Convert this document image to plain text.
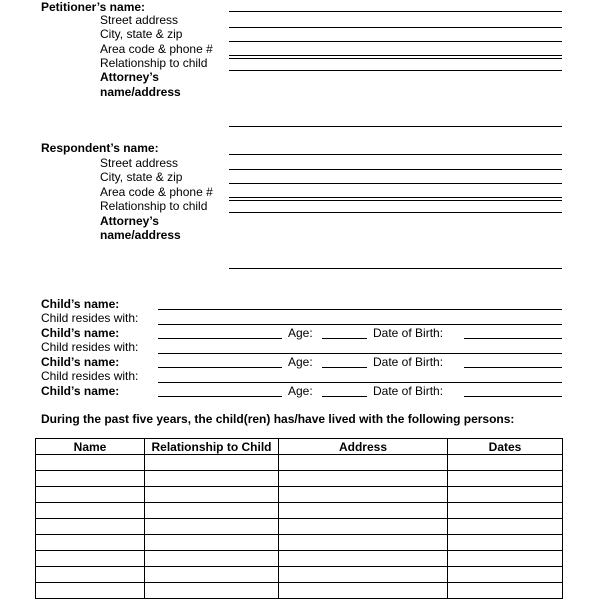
Petitioner’s name:
Street address
City, state & zip
Area code & phone #
Relationship to child
Attorney’s
name/address
Respondent’s name:
Street address
City, state & zip
Area code & phone #
Relationship to child
Attorney’s
name/address
Child’s name:
Child resides with:
Child’s name:	Age:	Date of Birth:
Child resides with:
Child’s name:	Age:	Date of Birth:
Child resides with:
Child’s name:	Age:	Date of Birth:
During the past five years, the child(ren) has/have lived with the following persons:
Name	Relationship to Child	Address	Dates
